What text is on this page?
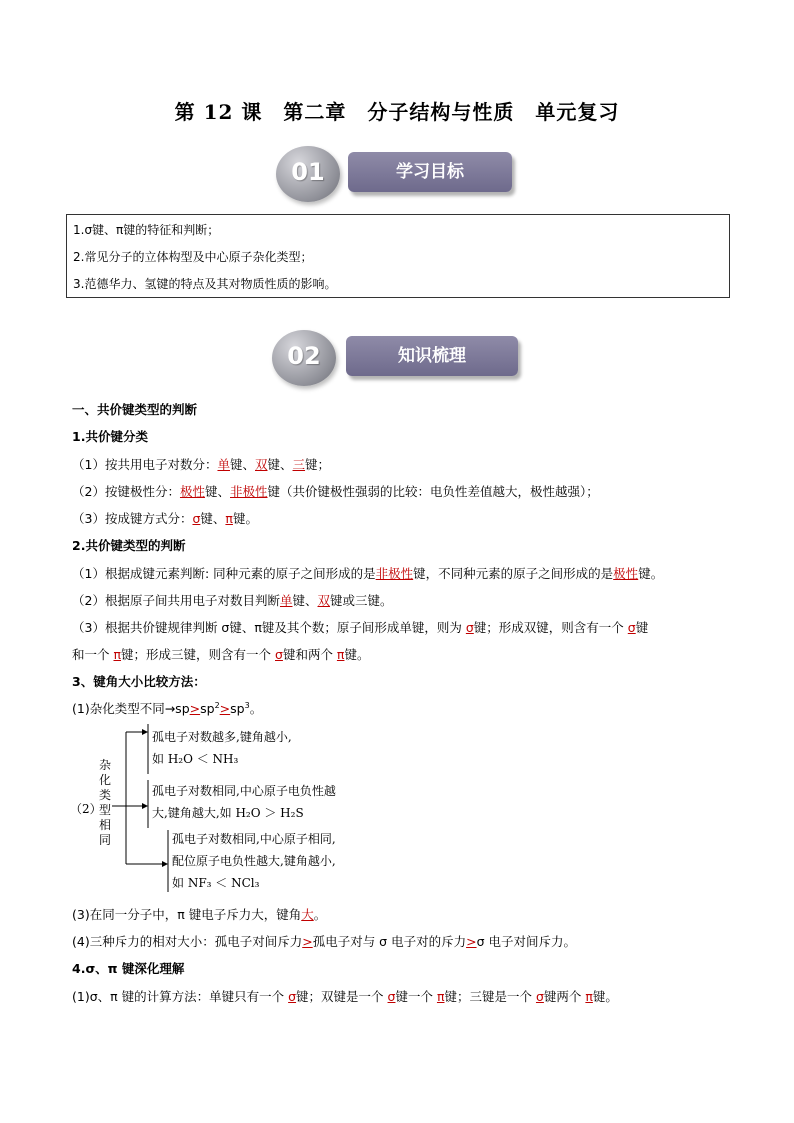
第 12 课　第二章　分子结构与性质　单元复习
01	学习目标
1.σ键、π键的特征和判断；
2.常见分子的立体构型及中心原子杂化类型；
3.范德华力、氢键的特点及其对物质性质的影响。
02	知识梳理
一、共价键类型的判断
1.共价键分类
（1）按共用电子对数分：单键、双键、三键；
（2）按键极性分：极性键、非极性键（共价键极性强弱的比较：电负性差值越大，极性越强）；
（3）按成键方式分：σ键、π键。
2.共价键类型的判断
（1）根据成键元素判断: 同种元素的原子之间形成的是非极性键，不同种元素的原子之间形成的是极性键。
（2）根据原子间共用电子对数目判断单键、双键或三键。
（3）根据共价键规律判断 σ键、π键及其个数；原子间形成单键，则为 σ键；形成双键，则含有一个 σ键
和一个 π键；形成三键，则含有一个 σ键和两个 π键。
3、键角大小比较方法：
(1)杂化类型不同$\to sp>sp^2>sp^3$。
（2）
杂
化
类
型
相
同
孤电子对数越多,键角越小,
如 H₂O ＜ NH₃
孤电子对数相同,中心原子电负性越
大,键角越大,如 H₂O ＞ H₂S
孤电子对数相同,中心原子相同,
配位原子电负性越大,键角越小,
如 NF₃ ＜ NCl₃
(3)在同一分子中，π 键电子斥力大，键角大。
(4)三种斥力的相对大小：孤电子对间斥力>孤电子对与 σ 电子对的斥力>σ 电子对间斥力。
4.σ、π 键深化理解
(1)σ、π 键的计算方法：单键只有一个 σ键；双键是一个 σ键一个 π键；三键是一个 σ键两个 π键。
